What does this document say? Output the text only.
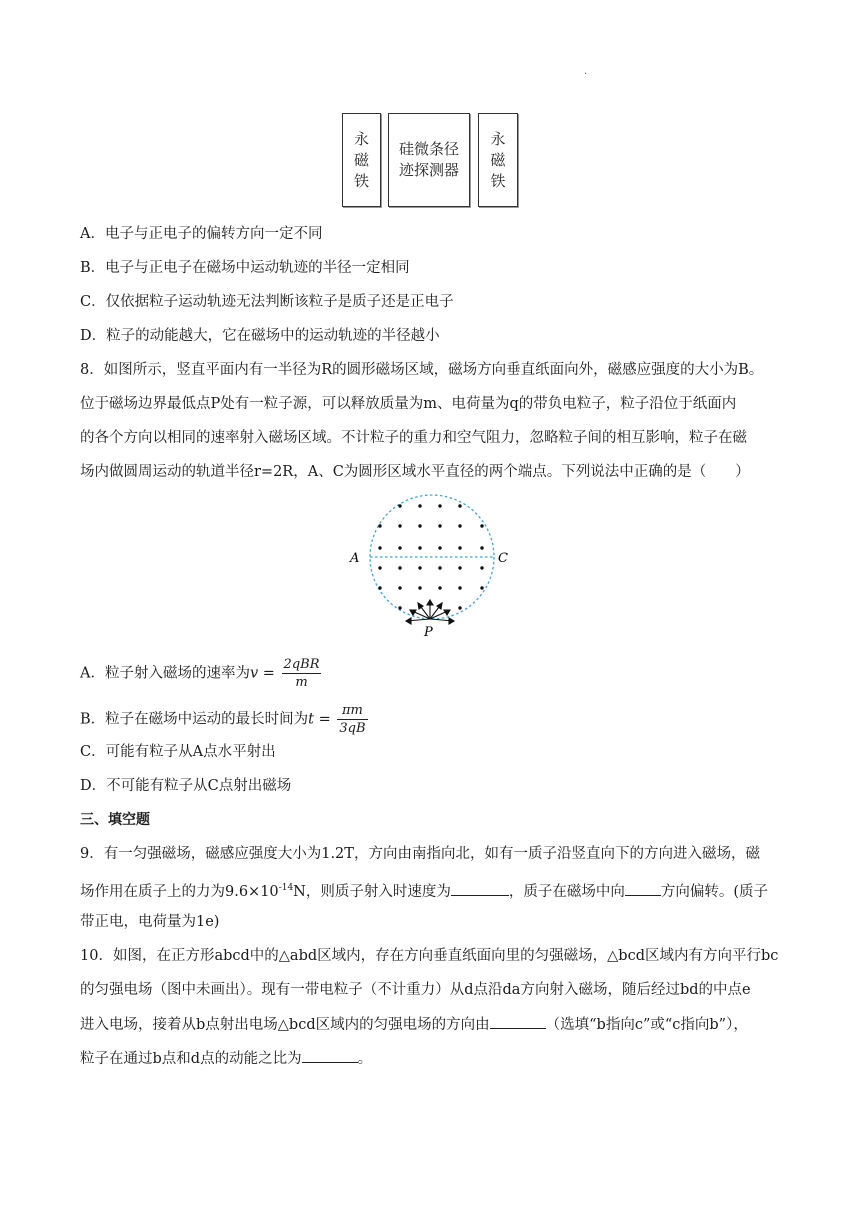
.
永
磁
铁
硅微条径
迹探测器
永
磁
铁
A．电子与正电子的偏转方向一定不同
B．电子与正电子在磁场中运动轨迹的半径一定相同
C．仅依据粒子运动轨迹无法判断该粒子是质子还是正电子
D．粒子的动能越大，它在磁场中的运动轨迹的半径越小
8．如图所示，竖直平面内有一半径为R的圆形磁场区域，磁场方向垂直纸面向外，磁感应强度的大小为B。
位于磁场边界最低点P处有一粒子源，可以释放质量为m、电荷量为q的带负电粒子，粒子沿位于纸面内
的各个方向以相同的速率射入磁场区域。不计粒子的重力和空气阻力，忽略粒子间的相互影响，粒子在磁
场内做圆周运动的轨道半径r=2R，A、C为圆形区域水平直径的两个端点。下列说法中正确的是（　　）
A	C
P
A．粒子射入磁场的速率为$v = \frac{\text{2qBR}}{m}$
B．粒子在磁场中运动的最长时间为$t = \frac{\pi m}{3qB}$
C．可能有粒子从A点水平射出
D．不可能有粒子从C点射出磁场
三、填空题
9．有一匀强磁场，磁感应强度大小为1.2T，方向由南指向北，如有一质子沿竖直向下的方向进入磁场，磁
场作用在质子上的力为$9.6\times 10^{-14}N$，则质子射入时速度为	，质子在磁场中向 方向偏转。(质子
带正电，电荷量为1e)
10．如图，在正方形abcd中的△abd区域内，存在方向垂直纸面向里的匀强磁场，△bcd区域内有方向平行bc
的匀强电场（图中未画出）。现有一带电粒子（不计重力）从d点沿da方向射入磁场，随后经过bd的中点e
进入电场，接着从b点射出电场△bcd区域内的匀强电场的方向由	（选填“b指向c”或“c指向b”），
粒子在通过b点和d点的动能之比为	。
